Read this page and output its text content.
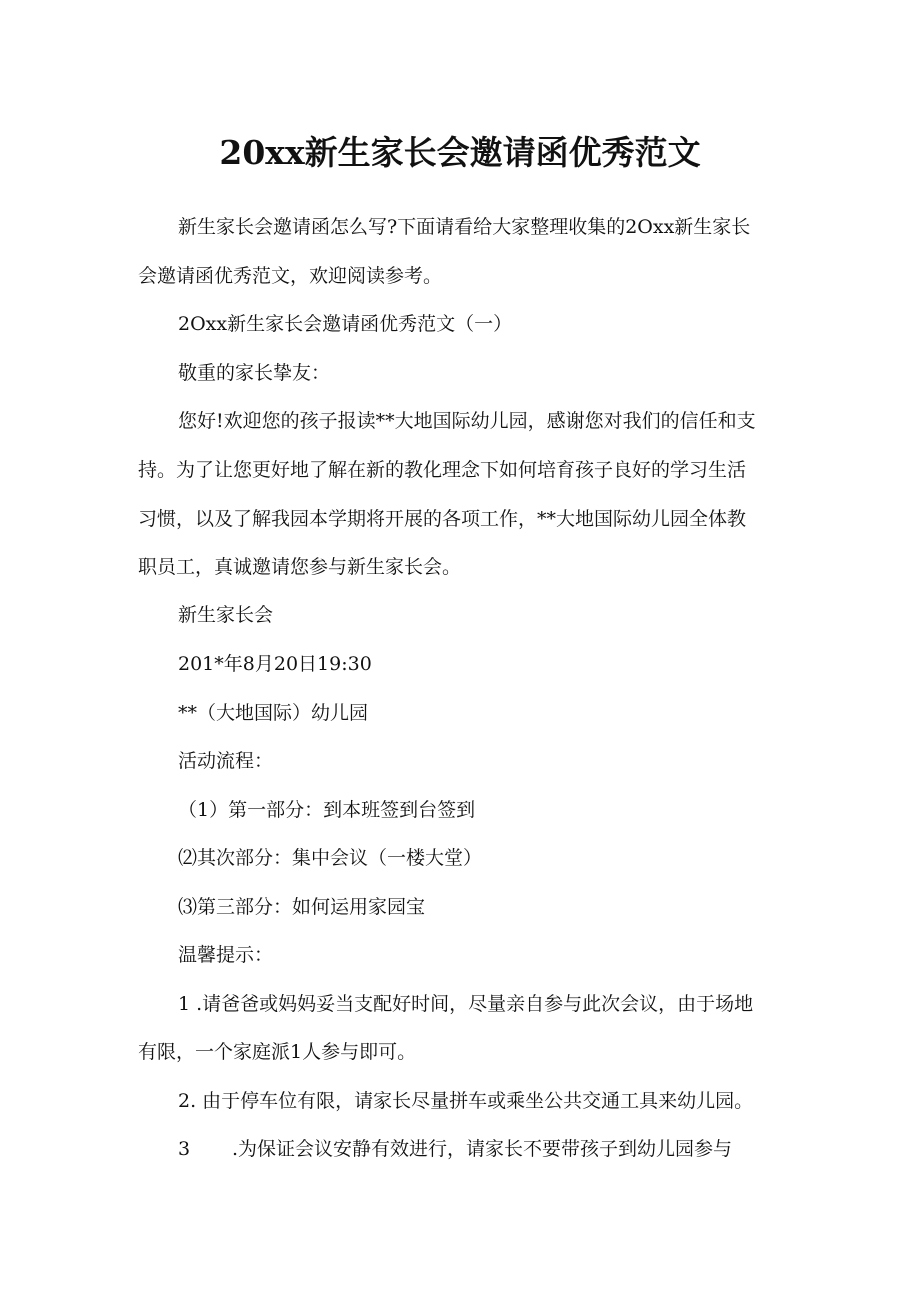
20xx新生家长会邀请函优秀范文
新生家长会邀请函怎么写?下面请看给大家整理收集的2Oxx新生家长
会邀请函优秀范文，欢迎阅读参考。
2Oxx新生家长会邀请函优秀范文（一）
敬重的家长挚友：
您好!欢迎您的孩子报读**大地国际幼儿园，感谢您对我们的信任和支
持。为了让您更好地了解在新的教化理念下如何培育孩子良好的学习生活
习惯，以及了解我园本学期将开展的各项工作，**大地国际幼儿园全体教
职员工，真诚邀请您参与新生家长会。
新生家长会
201*年8月20日19:30
**（大地国际）幼儿园
活动流程：
（1）第一部分：到本班签到台签到
⑵其次部分：集中会议（一楼大堂）
⑶第三部分：如何运用家园宝
温馨提示：
1 .请爸爸或妈妈妥当支配好时间，尽量亲自参与此次会议，由于场地
有限，一个家庭派1人参与即可。
2. 由于停车位有限，请家长尽量拼车或乘坐公共交通工具来幼儿园。
3 .为保证会议安静有效进行，请家长不要带孩子到幼儿园参与
